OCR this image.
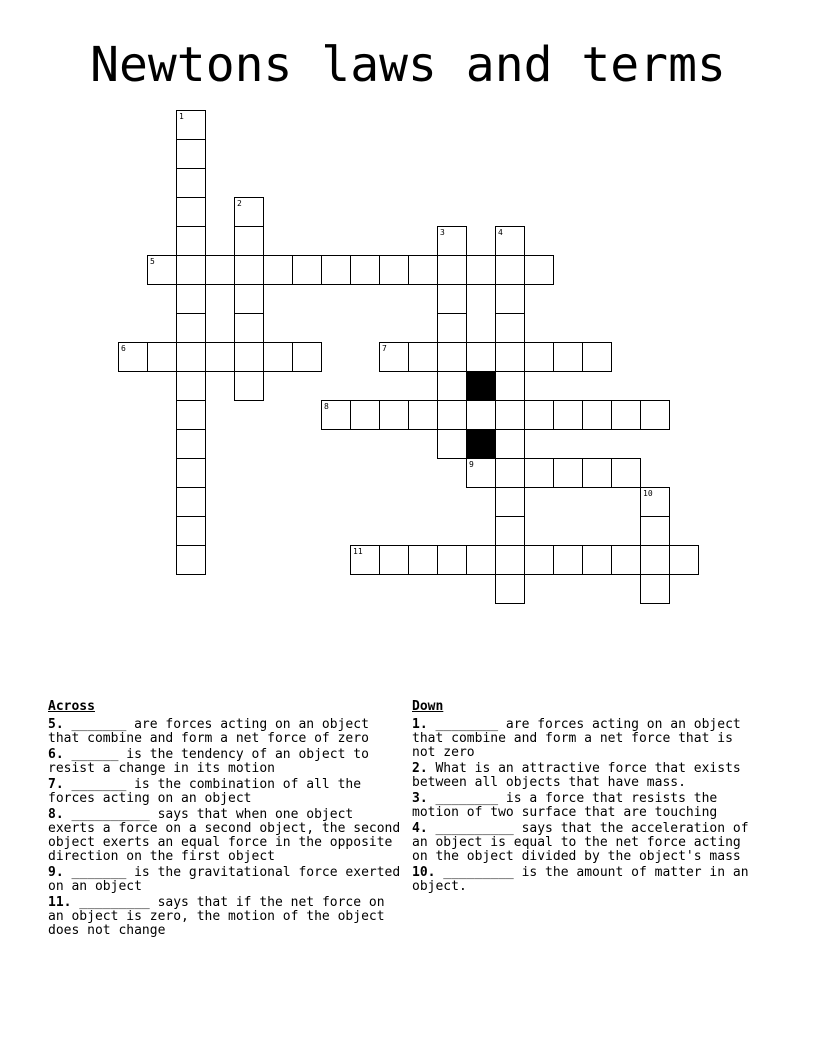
Newtons laws and terms
1
2
5
3	4
6	7
8
9
10
11
Across
5. _______ are forces acting on an object that combine and form a net force of zero
6. ______ is the tendency of an object to resist a change in its motion
7. _______ is the combination of all the forces acting on an object
8. __________ says that when one object exerts a force on a second object, the second object exerts an equal force in the opposite direction on the first object
9. _______ is the gravitational force exerted on an object
11. _________ says that if the net force on an object is zero, the motion of the object does not change
Down
1. ________ are forces acting on an object that combine and form a net force that is not zero
2. What is an attractive force that exists between all objects that have mass.
3. ________ is a force that resists the motion of two surface that are touching
4. __________ says that the acceleration of an object is equal to the net force acting on the object divided by the object's mass
10. _________ is the amount of matter in an object.
